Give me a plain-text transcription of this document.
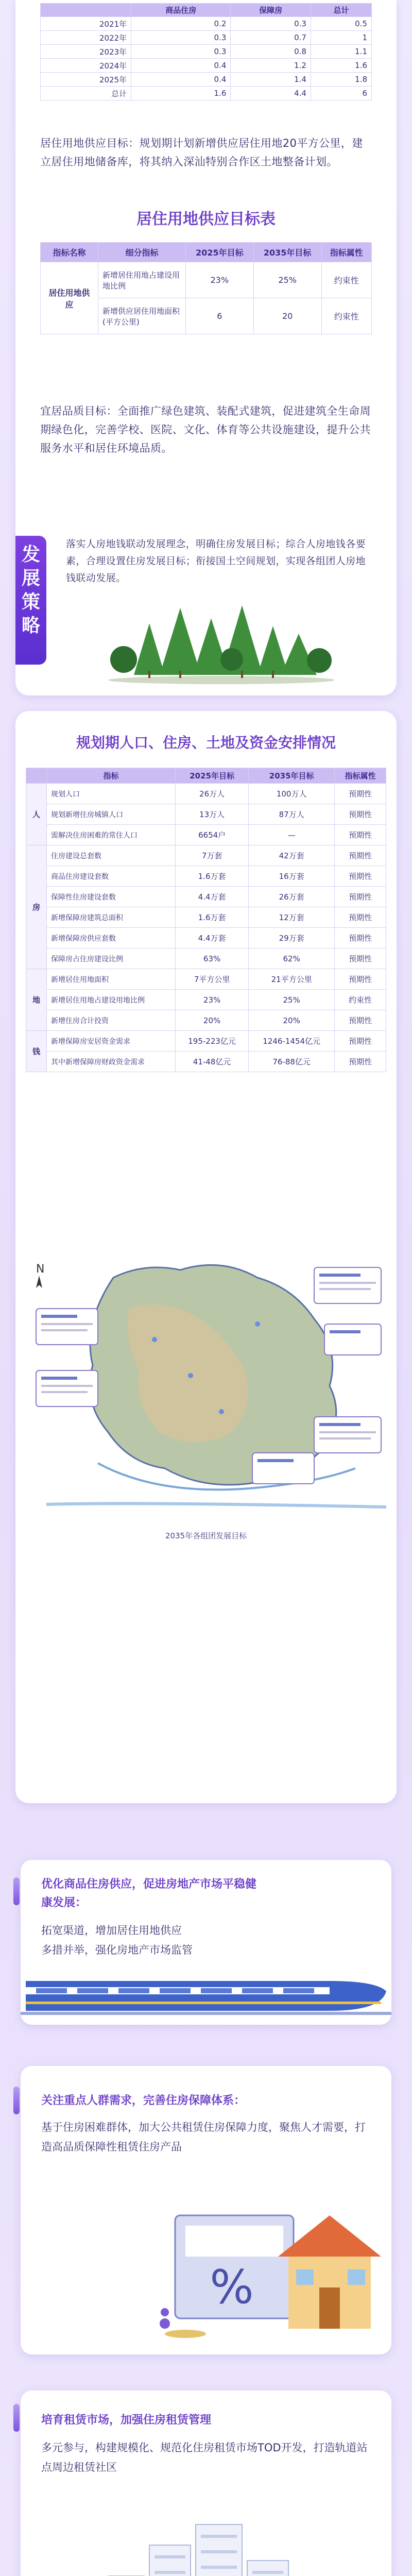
	商品住房	保障房	总计
2021年	0.2	0.3	0.5
2022年	0.3	0.7	1
2023年	0.3	0.8	1.1
2024年	0.4	1.2	1.6
2025年	0.4	1.4	1.8
总计	1.6	4.4	6

居住用地供应目标：规划期计划新增供应居住用地20平方公里，建立居住用地储备库，将其纳入深汕特别合作区土地整备计划。

居住用地供应目标表
指标名称	细分指标	2025年目标	2035年目标	指标属性
居住用地供应	新增居住用地占建设用地比例	23%	25%	约束性
	新增供应居住用地面积(平方公里)	6	20	约束性

宜居品质目标：全面推广绿色建筑、装配式建筑，促进建筑全生命周期绿色化，完善学校、医院、文化、体育等公共设施建设，提升公共服务水平和居住环境品质。

发展策略

落实人房地钱联动发展理念，明确住房发展目标；综合人房地钱各要素，合理设置住房发展目标；衔接国土空间规划，实现各组团人房地钱联动发展。

规划期人口、住房、土地及资金安排情况
	指标	2025年目标	2035年目标	指标属性
人	规划人口	26万人	100万人	预期性
	规划新增住房城镇人口	13万人	87万人	预期性
	需解决住房困难的常住人口	6654户	—	预期性
房	住房建设总套数	7万套	42万套	预期性
	商品住房建设套数	1.6万套	16万套	预期性
	保障性住房建设套数	4.4万套	26万套	预期性
	新增保障房建筑总面积	1.6万套	12万套	预期性
	新增保障房供应套数	4.4万套	29万套	预期性
	保障房占住房建设比例	63%	62%	预期性
地	新增居住用地面积	7平方公里	21平方公里	预期性
	新增居住用地占建设用地比例	23%	25%	约束性
	新增住房合计投资	20%	20%	预期性
钱	新增保障房安居资金需求	195-223亿元	1246-1454亿元	预期性
	其中新增保障房财政资金需求	41-48亿元	76-88亿元	预期性
N
2035年各组团发展目标
优化商品住房供应，促进房地产市场平稳健康发展：
拓宽渠道，增加居住用地供应
多措并举，强化房地产市场监管
关注重点人群需求，完善住房保障体系：
基于住房困难群体，加大公共租赁住房保障力度，聚焦人才需要，打造高品质保障性租赁住房产品
%
培育租赁市场，加强住房租赁管理
多元参与，构建规模化、规范化住房租赁市场TOD开发，打造轨道站点周边租赁社区
